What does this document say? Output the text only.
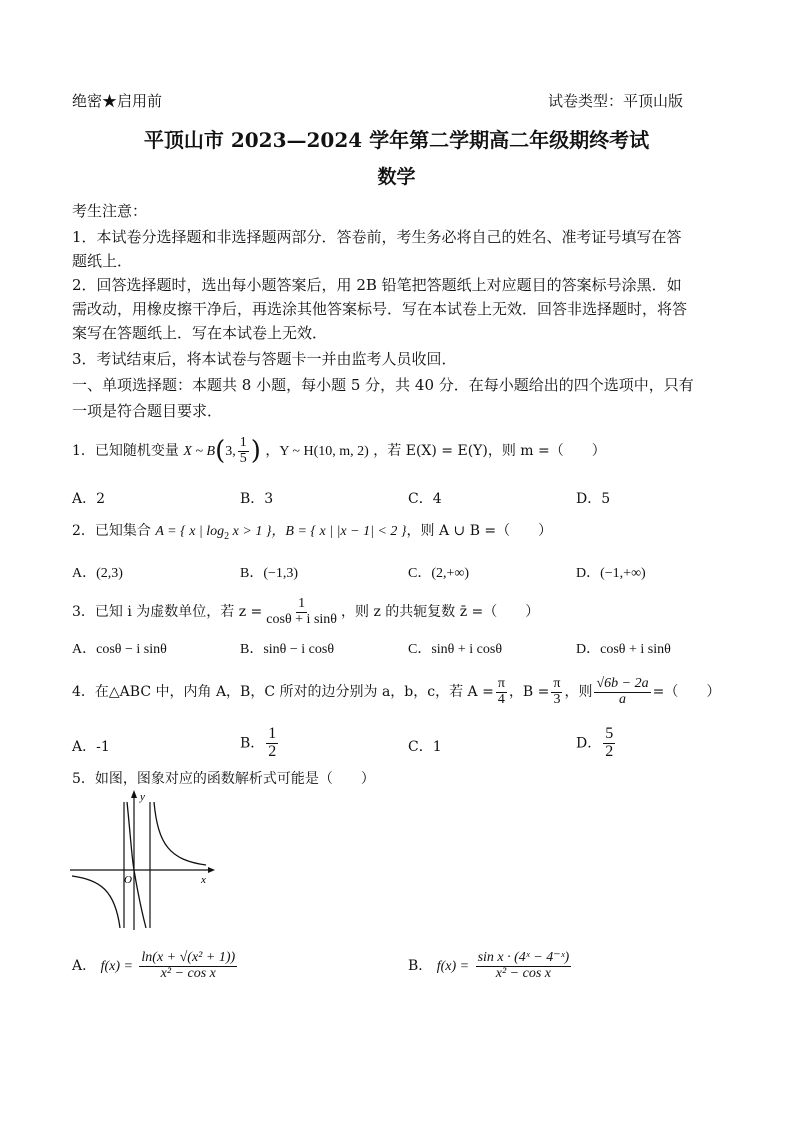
绝密★启用前	试卷类型：平顶山版
平顶山市 2023—2024 学年第二学期高二年级期终考试
数学
考生注意：
1．本试卷分选择题和非选择题两部分．答卷前，考生务必将自己的姓名、准考证号填写在答
题纸上．
2．回答选择题时，选出每小题答案后，用 2B 铅笔把答题纸上对应题目的答案标号涂黑．如
需改动，用橡皮擦干净后，再选涂其他答案标号．写在本试卷上无效．回答非选择题时，将答
案写在答题纸上．写在本试卷上无效．
3．考试结束后，将本试卷与答题卡一并由监考人员收回．
一、单项选择题：本题共 8 小题，每小题 5 分，共 40 分．在每小题给出的四个选项中，只有
一项是符合题目要求．
1．已知随机变量 X ~ B(3, $\frac{1}{5}$ ) ，Y ~ H(10, m, 2) ，若 E(X) = E(Y)，则 m =（　　）
A．2	B．3	C．4	D．5
2．已知集合 A = { x | $\log_2 x > 1$ }，B = { x | |x − 1| < 2 }，则 A ∪ B =（　　）
A．(2,3)	B．(−1,3)	C．(2,+∞)	D．(−1,+∞)
3．已知 i 为虚数单位，若 $z = \frac{1}{\text{cosθ + i sinθ}}$ ，则 z 的共轭复数 z̄ =（　　）
A．cosθ − i sinθ	B．sinθ − i cosθ	C．sinθ + i cosθ	D．cosθ + i sinθ
4．在△ABC 中，内角 A，B，C 所对的边分别为 a，b，c，若 $A = \frac{\pi}{4}$ ，$B = \frac{\pi}{3}$ ，则 $\frac{√6b - 2a}{a}$ =（　　）
A．-1	B． $\frac{1}{2}$	C．1	D． $\frac{5}{2}$
5．如图，图象对应的函数解析式可能是（　　）
y
x
O
A． $f(x) = \frac{\text{ln(x + √(x² + 1))}}{\text{x² − cos x}}$	B． $f(x) = \frac{\text{sin x · (4ˣ − 4⁻ˣ)}}{\text{x² − cos x}}$
